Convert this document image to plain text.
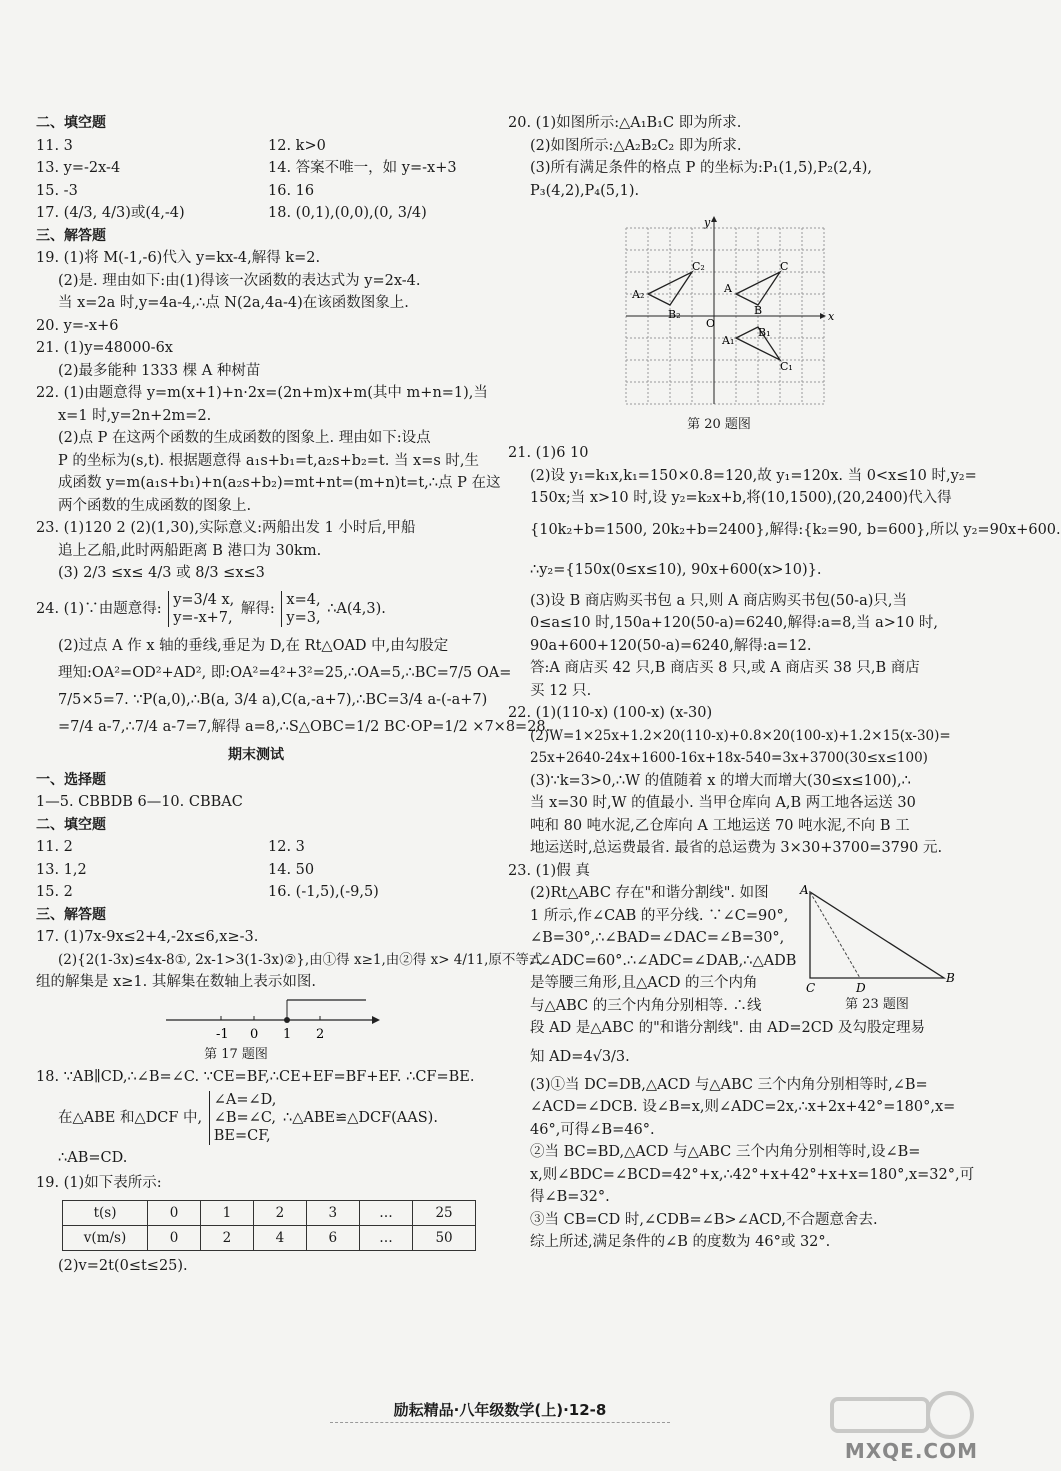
二、填空题
11. 3	12. k>0
13. y=-2x-4	14. 答案不唯一，如 y=-x+3
15. -3	16. 16
17. (4/3, 4/3)或(4,-4)	18. (0,1),(0,0),(0, 3/4)
三、解答题
19. (1)将 M(-1,-6)代入 y=kx-4,解得 k=2.
(2)是. 理由如下:由(1)得该一次函数的表达式为 y=2x-4.
当 x=2a 时,y=4a-4,∴点 N(2a,4a-4)在该函数图象上.
20. y=-x+6
21. (1)y=48000-6x
(2)最多能种 1333 棵 A 种树苗
22. (1)由题意得 y=m(x+1)+n·2x=(2n+m)x+m(其中 m+n=1),当
x=1 时,y=2n+2m=2.
(2)点 P 在这两个函数的生成函数的图象上. 理由如下:设点
P 的坐标为(s,t). 根据题意得 a₁s+b₁=t,a₂s+b₂=t. 当 x=s 时,生
成函数 y=m(a₁s+b₁)+n(a₂s+b₂)=mt+nt=(m+n)t=t,∴点 P 在这
两个函数的生成函数的图象上.
23. (1)120 2 (2)(1,30),实际意义:两船出发 1 小时后,甲船
追上乙船,此时两船距离 B 港口为 30km.
(3) 2/3 ≤x≤ 4/3 或 8/3 ≤x≤3
24. (1)∵由题意得: y=3/4 x,
y=-x+7, 解得: x=4,
y=3, ∴A(4,3).
(2)过点 A 作 x 轴的垂线,垂足为 D,在 Rt△OAD 中,由勾股定
理知:OA²=OD²+AD², 即:OA²=4²+3²=25,∴OA=5,∴BC=7/5 OA=
7/5×5=7. ∵P(a,0),∴B(a, 3/4 a),C(a,-a+7),∴BC=3/4 a-(-a+7)
=7/4 a-7,∴7/4 a-7=7,解得 a=8,∴S△OBC=1/2 BC·OP=1/2 ×7×8=28.
期末测试
一、选择题
1—5. CBBDB 6—10. CBBAC
二、填空题
11. 2	12. 3
13. 1,2	14. 50
15. 2	16. (-1,5),(-9,5)
三、解答题
17. (1)7x-9x≤2+4,-2x≤6,x≥-3.
(2){2(1-3x)≤4x-8①, 2x-1>3(1-3x)②},由①得 x≥1,由②得 x> 4/11,原不等式
组的解集是 x≥1. 其解集在数轴上表示如图.
-1 0 1 2
第 17 题图
18. ∵AB∥CD,∴∠B=∠C. ∵CE=BF,∴CE+EF=BF+EF. ∴CF=BE.
在△ABE 和△DCF 中, ∠A=∠D,
∠B=∠C,
BE=CF, ∴△ABE≌△DCF(AAS).
∴AB=CD.
19. (1)如下表所示:
t(s)	0	1	2	3	…	25
v(m/s)	0	2	4	6	…	50
(2)v=2t(0≤t≤25).
20. (1)如图所示:△A₁B₁C 即为所求.
(2)如图所示:△A₂B₂C₂ 即为所求.
(3)所有满足条件的格点 P 的坐标为:P₁(1,5),P₂(2,4),
P₃(4,2),P₄(5,1).
y
x
O
C₂
A₂
B₂
A
C
B
B₁
A₁
C₁
第 20 题图
21. (1)6 10
(2)设 y₁=k₁x,k₁=150×0.8=120,故 y₁=120x. 当 0<x≤10 时,y₂=
150x;当 x>10 时,设 y₂=k₂x+b,将(10,1500),(20,2400)代入得
{10k₂+b=1500, 20k₂+b=2400},解得:{k₂=90, b=600},所以 y₂=90x+600.
∴y₂={150x(0≤x≤10), 90x+600(x>10)}.
(3)设 B 商店购买书包 a 只,则 A 商店购买书包(50-a)只,当
0≤a≤10 时,150a+120(50-a)=6240,解得:a=8,当 a>10 时,
90a+600+120(50-a)=6240,解得:a=12.
答:A 商店买 42 只,B 商店买 8 只,或 A 商店买 38 只,B 商店
买 12 只.
22. (1)(110-x) (100-x) (x-30)
(2)W=1×25x+1.2×20(110-x)+0.8×20(100-x)+1.2×15(x-30)=
25x+2640-24x+1600-16x+18x-540=3x+3700(30≤x≤100)
(3)∵k=3>0,∴W 的值随着 x 的增大而增大(30≤x≤100),∴
当 x=30 时,W 的值最小. 当甲仓库向 A,B 两工地各运送 30
吨和 80 吨水泥,乙仓库向 A 工地运送 70 吨水泥,不向 B 工
地运送时,总运费最省. 最省的总运费为 3×30+3700=3790 元.
23. (1)假 真
(2)Rt△ABC 存在"和谐分割线". 如图
1 所示,作∠CAB 的平分线. ∵∠C=90°,
∠B=30°,∴∠BAD=∠DAC=∠B=30°,
∴∠ADC=60°.∴∠ADC=∠DAB,∴△ADB
是等腰三角形,且△ACD 的三个内角
与△ABC 的三个内角分别相等. ∴线
A
C	D
B
第 23 题图
段 AD 是△ABC 的"和谐分割线". 由 AD=2CD 及勾股定理易
知 AD=4√3/3.
(3)①当 DC=DB,△ACD 与△ABC 三个内角分别相等时,∠B=
∠ACD=∠DCB. 设∠B=x,则∠ADC=2x,∴x+2x+42°=180°,x=
46°,可得∠B=46°.
②当 BC=BD,△ACD 与△ABC 三个内角分别相等时,设∠B=
x,则∠BDC=∠BCD=42°+x,∴42°+x+42°+x+x=180°,x=32°,可
得∠B=32°.
③当 CB=CD 时,∠CDB=∠B>∠ACD,不合题意舍去.
综上所述,满足条件的∠B 的度数为 46°或 32°.
励耘精品·八年级数学(上)·12-8
MXQE.COM
